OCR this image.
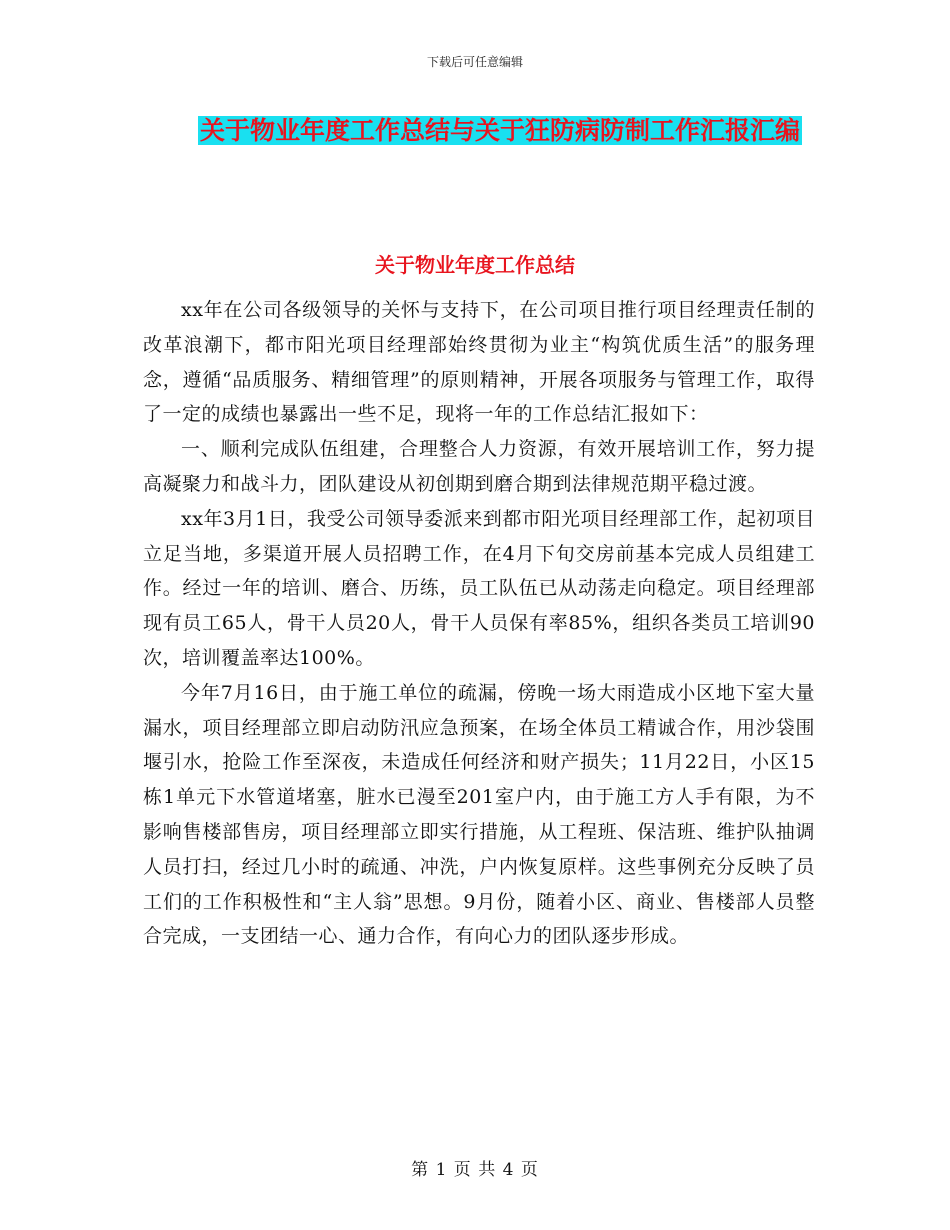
下载后可任意编辑
关于物业年度工作总结与关于狂防病防制工作汇报汇编
关于物业年度工作总结

xx年在公司各级领导的关怀与支持下，在公司项目推行项目经理责任制的改革浪潮下，都市阳光项目经理部始终贯彻为业主“构筑优质生活”的服务理念，遵循“品质服务、精细管理”的原则精神，开展各项服务与管理工作，取得了一定的成绩也暴露出一些不足，现将一年的工作总结汇报如下：

一、顺利完成队伍组建，合理整合人力资源，有效开展培训工作，努力提高凝聚力和战斗力，团队建设从初创期到磨合期到法律规范期平稳过渡。

xx年3月1日，我受公司领导委派来到都市阳光项目经理部工作，起初项目立足当地，多渠道开展人员招聘工作，在4月下旬交房前基本完成人员组建工作。经过一年的培训、磨合、历练，员工队伍已从动荡走向稳定。项目经理部现有员工65人，骨干人员20人，骨干人员保有率85%，组织各类员工培训90次，培训覆盖率达100%。

今年7月16日，由于施工单位的疏漏，傍晚一场大雨造成小区地下室大量漏水，项目经理部立即启动防汛应急预案，在场全体员工精诚合作，用沙袋围堰引水，抢险工作至深夜，未造成任何经济和财产损失；11月22日，小区15栋1单元下水管道堵塞，脏水已漫至201室户内，由于施工方人手有限，为不影响售楼部售房，项目经理部立即实行措施，从工程班、保洁班、维护队抽调人员打扫，经过几小时的疏通、冲洗，户内恢复原样。这些事例充分反映了员工们的工作积极性和“主人翁”思想。9月份，随着小区、商业、售楼部人员整合完成，一支团结一心、通力合作，有向心力的团队逐步形成。

第 1 页 共 4 页
